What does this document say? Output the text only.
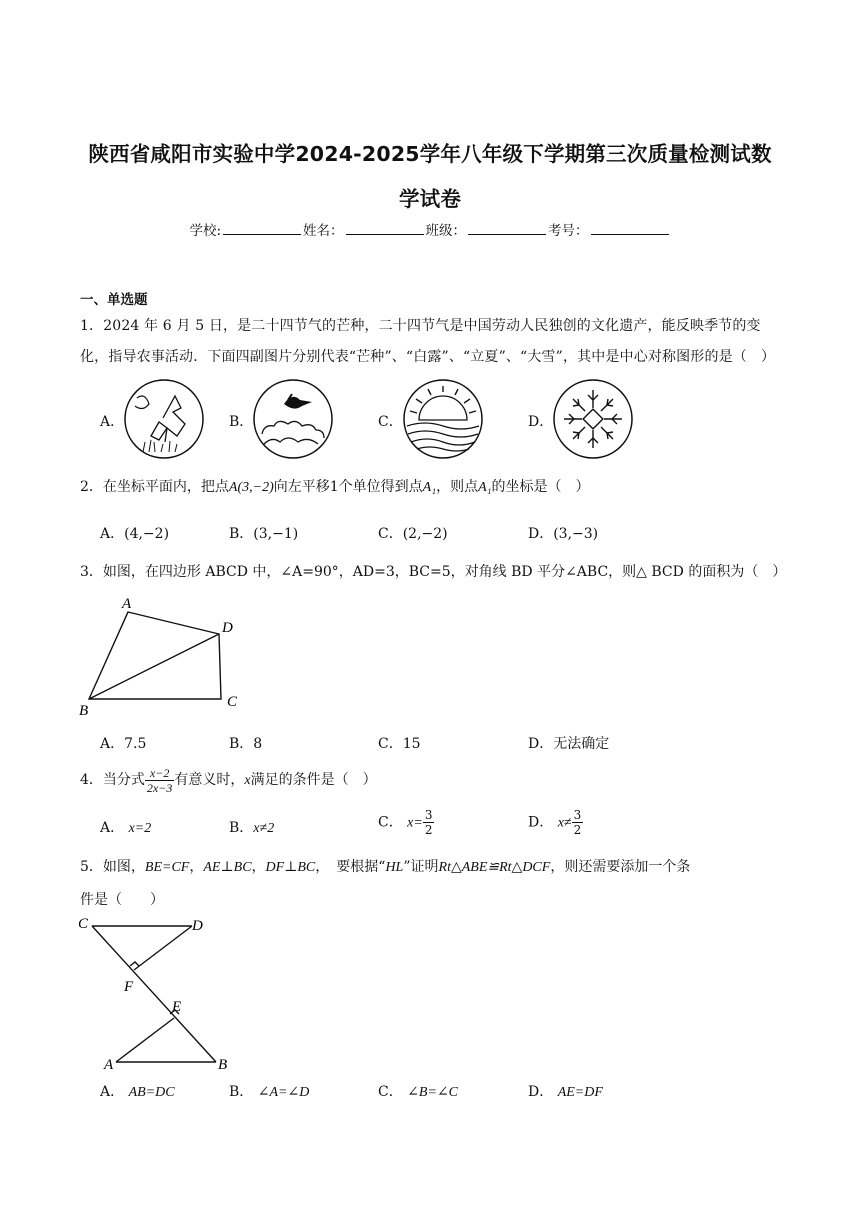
陕西省咸阳市实验中学2024-2025学年八年级下学期第三次质量检测试数
学试卷
学校:	姓名：	班级：	考号：
一、单选题
1．2024 年 6 月 5 日，是二十四节气的芒种，二十四节气是中国劳动人民独创的文化遗产，能反映季节的变
化，指导农事活动．下面四副图片分别代表“芒种”、“白露”、“立夏”、“大雪”，其中是中心对称图形的是（　）
A．	B．	C．	D．
2．在坐标平面内，把点A(3,−2)向左平移1个单位得到点A₁，则点A₁的坐标是（　）
A．(4,−2)	B．(3,−1)	C．(2,−2)	D．(3,−3)
3．如图，在四边形 ABCD 中，∠A=90°，AD=3，BC=5，对角线 BD 平分∠ABC，则△ BCD 的面积为（　）
A
D
C
B
A．7.5	B．8	C．15	D．无法确定
4．当分式 $\frac{x-2}{2x-3}$ 有意义时，x满足的条件是（　）
A． x=2	B．x≠2	C． $x= \frac{3}{2}$	D． $x\ne \frac{3}{2}$
5．如图，BE=CF，AE⊥BC，DF⊥BC，　要根据“HL”证明Rt△ABE≌Rt△DCF，则还需要添加一个条
件是（　　）
C	D
F
E
A	B
A． AB=DC	B． ∠A=∠D	C． ∠B=∠C	D． AE=DF
